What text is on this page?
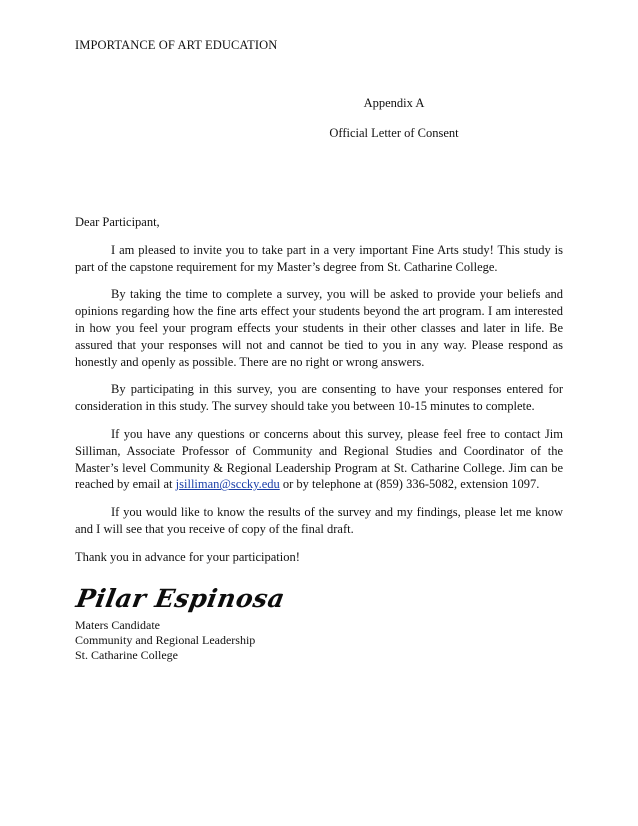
IMPORTANCE OF ART EDUCATION
Appendix A
Official Letter of Consent

Dear Participant,

I am pleased to invite you to take part in a very important Fine Arts study! This study is part of the capstone requirement for my Master’s degree from St. Catharine College.

By taking the time to complete a survey, you will be asked to provide your beliefs and opinions regarding how the fine arts effect your students beyond the art program. I am interested in how you feel your program effects your students in their other classes and later in life. Be assured that your responses will not and cannot be tied to you in any way. Please respond as honestly and openly as possible. There are no right or wrong answers.

By participating in this survey, you are consenting to have your responses entered for consideration in this study. The survey should take you between 10-15 minutes to complete.

If you have any questions or concerns about this survey, please feel free to contact Jim Silliman, Associate Professor of Community and Regional Studies and Coordinator of the Master’s level Community & Regional Leadership Program at St. Catharine College. Jim can be reached by email at jsilliman@sccky.edu or by telephone at (859) 336-5082, extension 1097.

If you would like to know the results of the survey and my findings, please let me know and I will see that you receive of copy of the final draft.

Thank you in advance for your participation!

Pilar Espinosa
Maters Candidate
Community and Regional Leadership
St. Catharine College
